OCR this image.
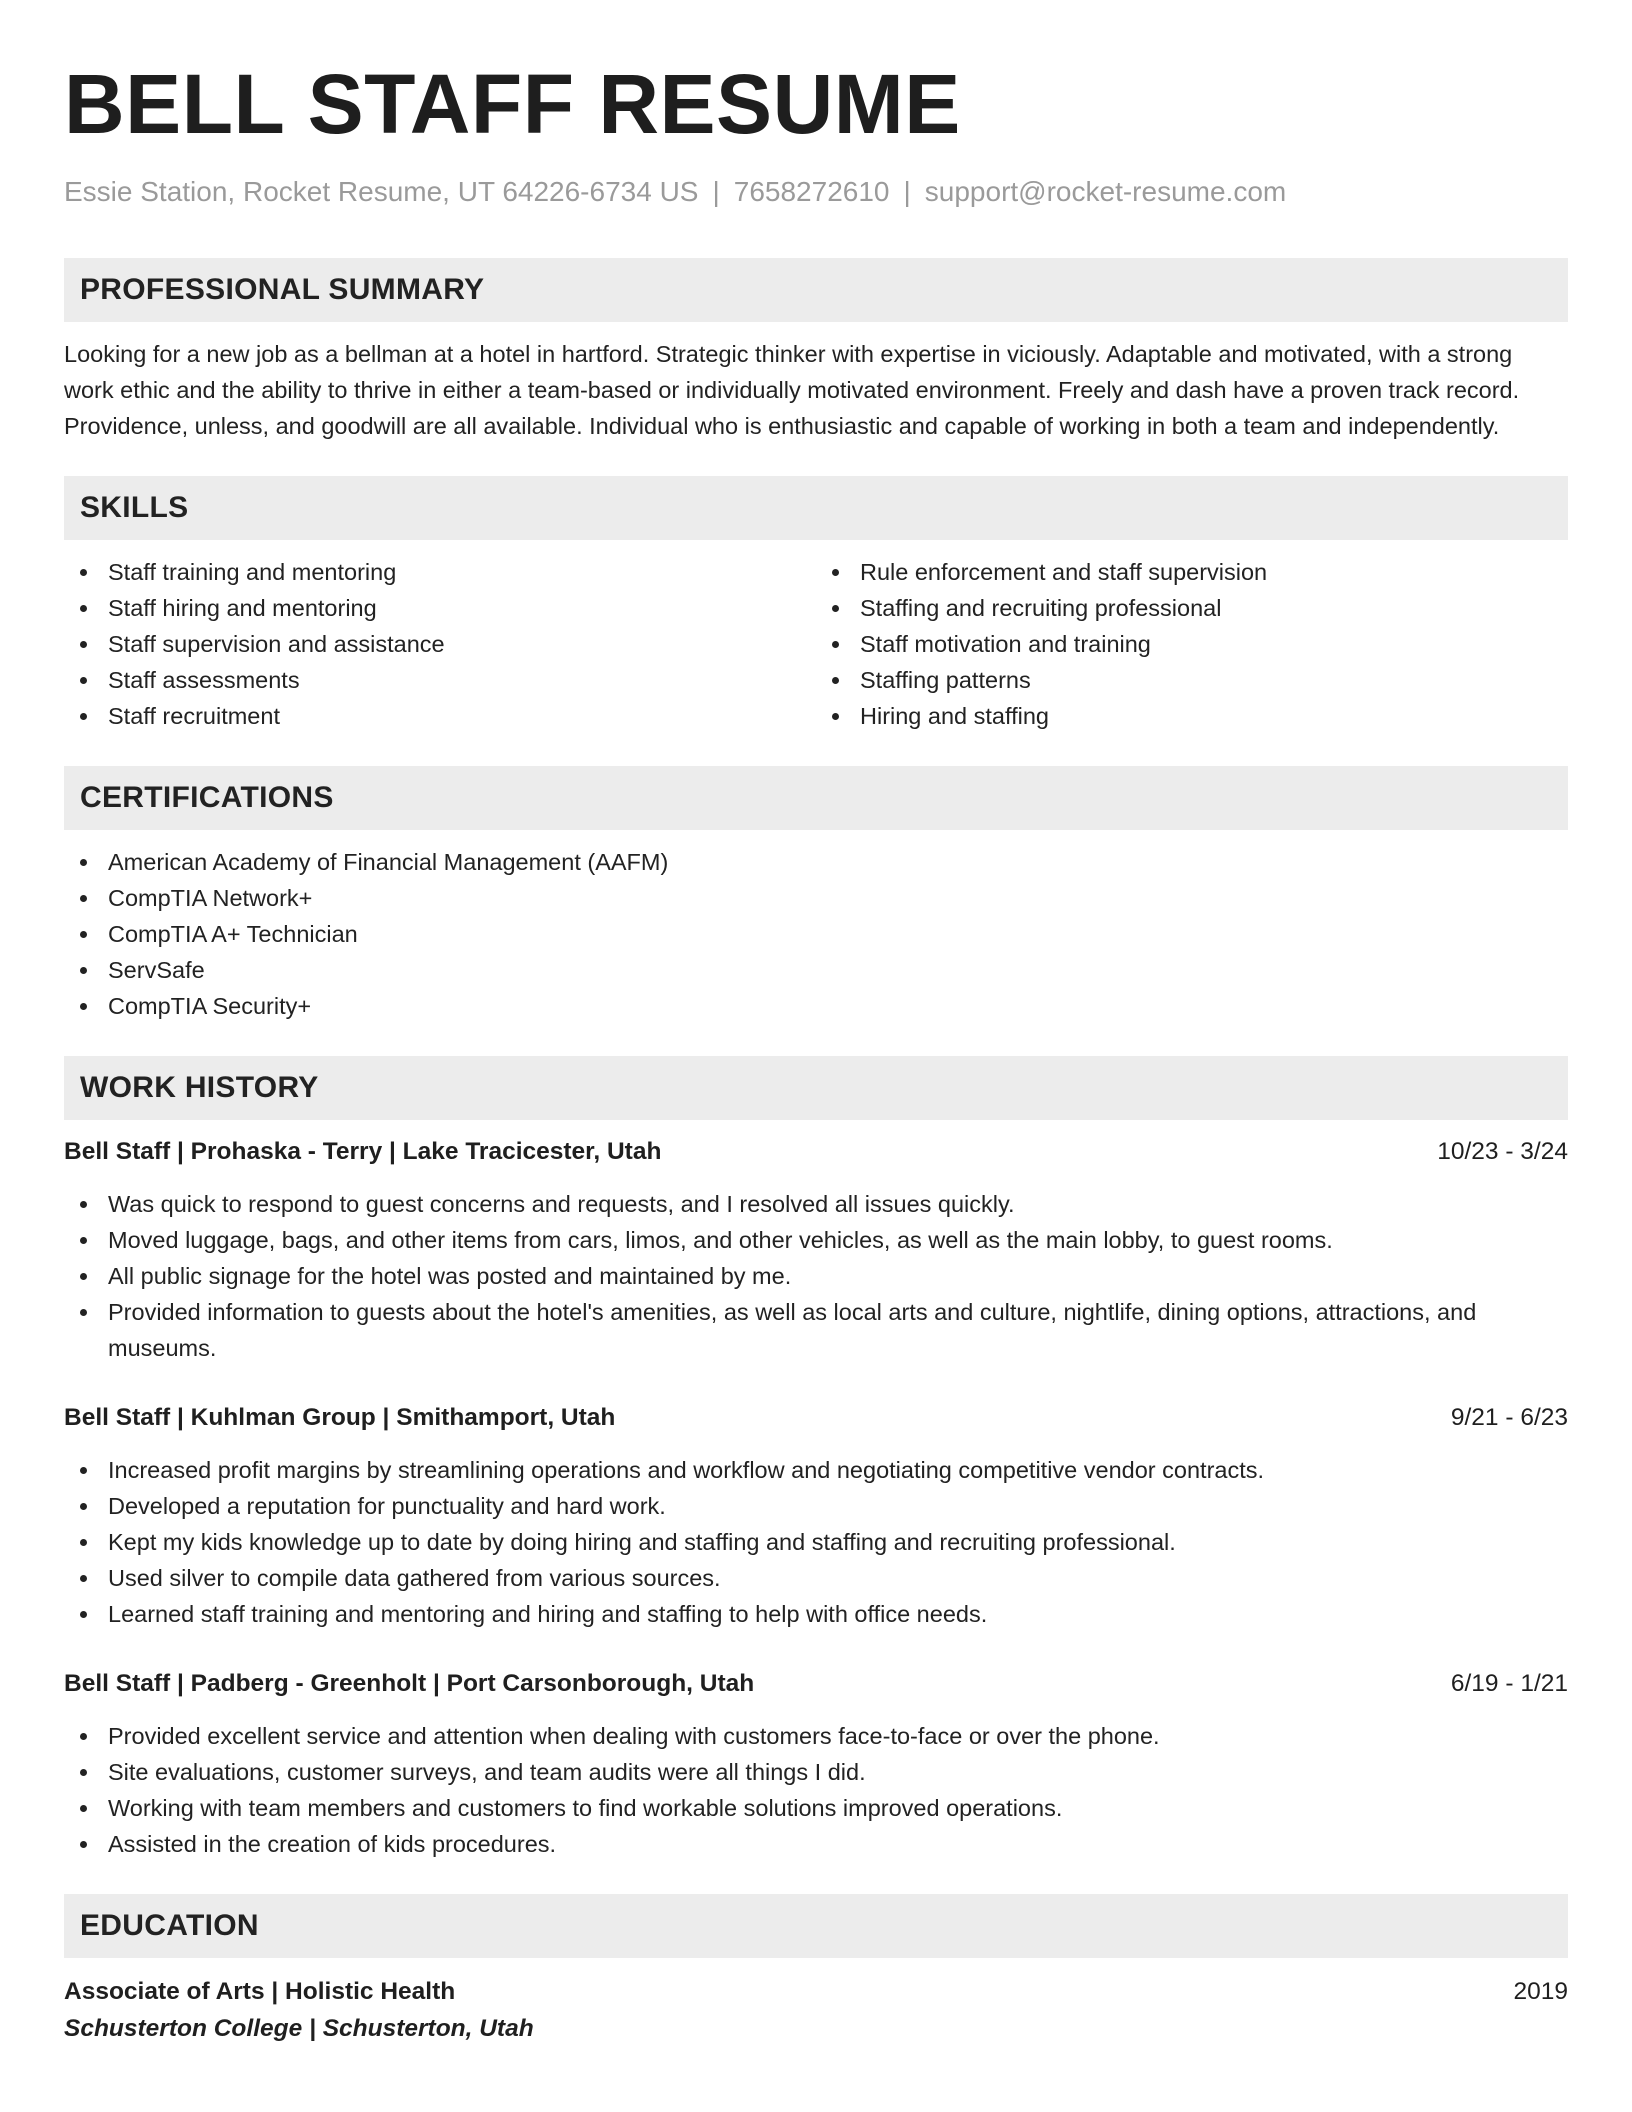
BELL STAFF RESUME
Essie Station, Rocket Resume, UT 64226-6734 US | 7658272610 | support@rocket-resume.com
PROFESSIONAL SUMMARY

Looking for a new job as a bellman at a hotel in hartford. Strategic thinker with expertise in viciously. Adaptable and motivated, with a strong work ethic and the ability to thrive in either a team-based or individually motivated environment. Freely and dash have a proven track record. Providence, unless, and goodwill are all available. Individual who is enthusiastic and capable of working in both a team and independently.

SKILLS
Staff training and mentoring
Staff hiring and mentoring
Staff supervision and assistance
Staff assessments
Staff recruitment
Rule enforcement and staff supervision
Staffing and recruiting professional
Staff motivation and training
Staffing patterns
Hiring and staffing
CERTIFICATIONS
American Academy of Financial Management (AAFM)
CompTIA Network+
CompTIA A+ Technician
ServSafe
CompTIA Security+
WORK HISTORY
Bell Staff | Prohaska - Terry | Lake Tracicester, Utah	10/23 - 3/24
Was quick to respond to guest concerns and requests, and I resolved all issues quickly.
Moved luggage, bags, and other items from cars, limos, and other vehicles, as well as the main lobby, to guest rooms.
All public signage for the hotel was posted and maintained by me.
Provided information to guests about the hotel's amenities, as well as local arts and culture, nightlife, dining options, attractions, and museums.
Bell Staff | Kuhlman Group | Smithamport, Utah	9/21 - 6/23
Increased profit margins by streamlining operations and workflow and negotiating competitive vendor contracts.
Developed a reputation for punctuality and hard work.
Kept my kids knowledge up to date by doing hiring and staffing and staffing and recruiting professional.
Used silver to compile data gathered from various sources.
Learned staff training and mentoring and hiring and staffing to help with office needs.
Bell Staff | Padberg - Greenholt | Port Carsonborough, Utah	6/19 - 1/21
Provided excellent service and attention when dealing with customers face-to-face or over the phone.
Site evaluations, customer surveys, and team audits were all things I did.
Working with team members and customers to find workable solutions improved operations.
Assisted in the creation of kids procedures.
EDUCATION
Associate of Arts | Holistic Health	2019
Schusterton College | Schusterton, Utah
